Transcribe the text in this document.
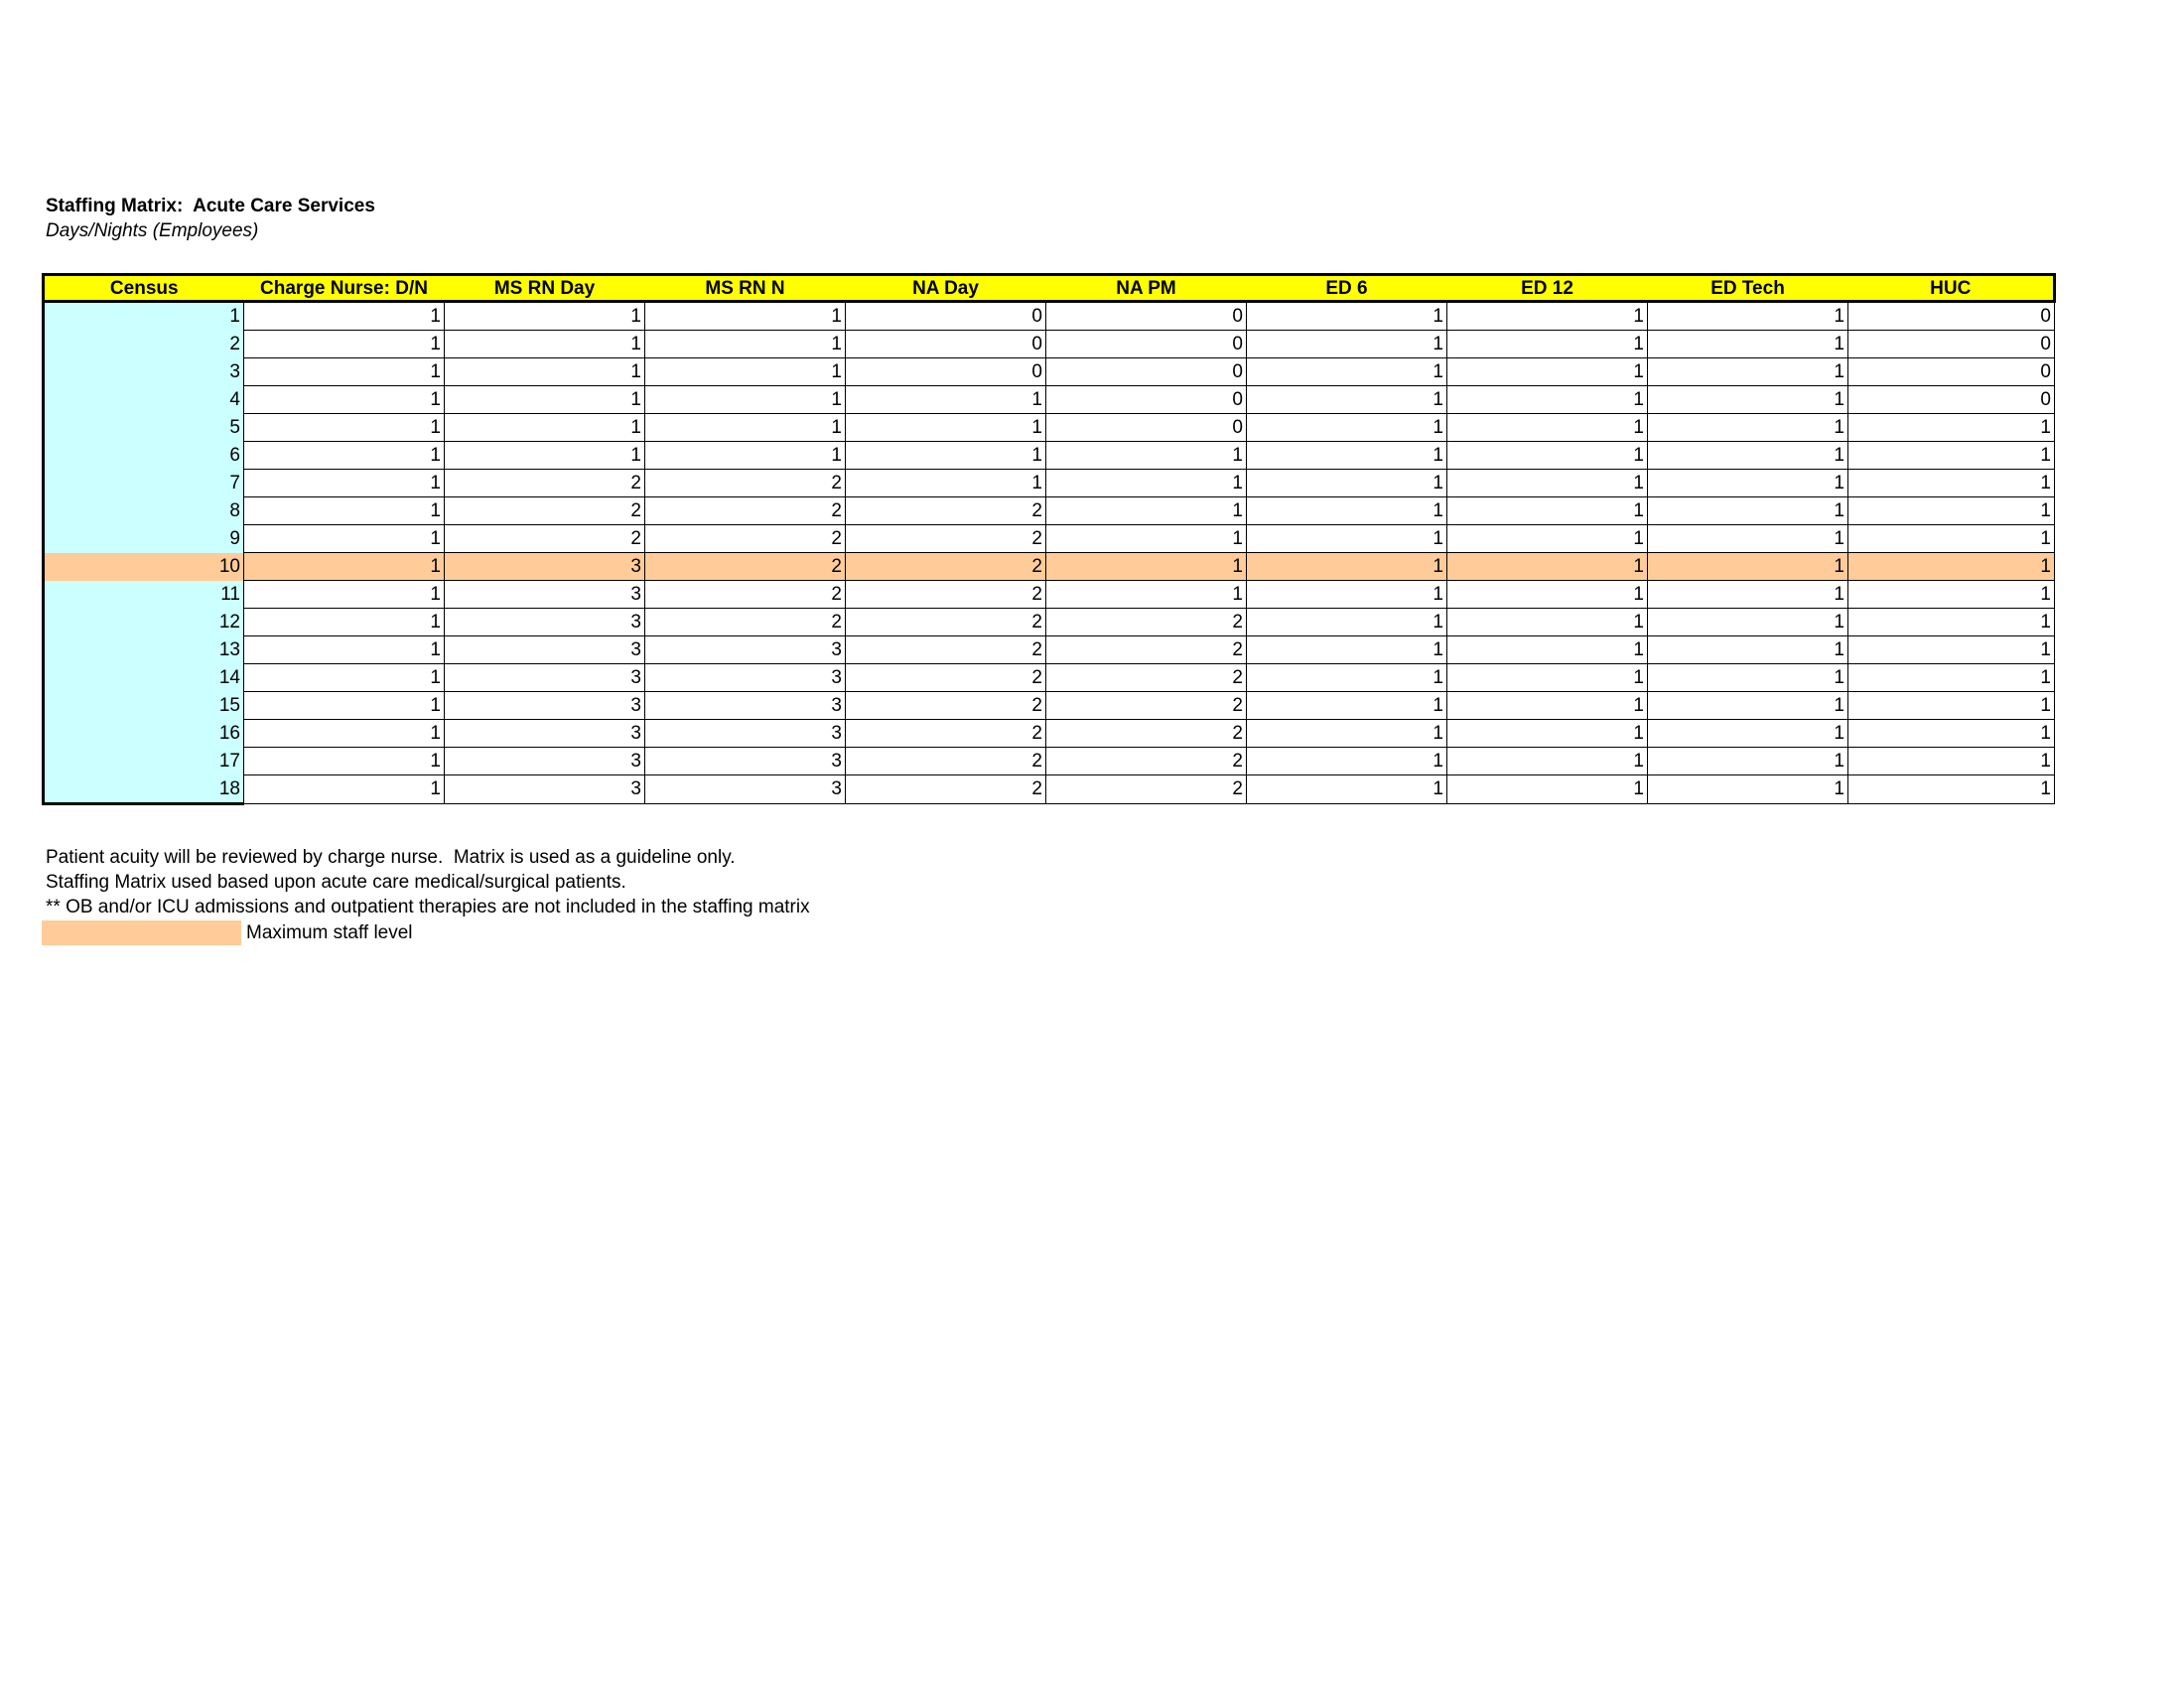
Staffing Matrix:  Acute Care Services
Days/Nights (Employees)
Census	Charge Nurse: D/N	MS RN Day	MS RN N	NA Day	NA PM	ED 6	ED 12	ED Tech	HUC
1	1	1	1	0	0	1	1	1	0
2	1	1	1	0	0	1	1	1	0
3	1	1	1	0	0	1	1	1	0
4	1	1	1	1	0	1	1	1	0
5	1	1	1	1	0	1	1	1	1
6	1	1	1	1	1	1	1	1	1
7	1	2	2	1	1	1	1	1	1
8	1	2	2	2	1	1	1	1	1
9	1	2	2	2	1	1	1	1	1
10	1	3	2	2	1	1	1	1	1
11	1	3	2	2	1	1	1	1	1
12	1	3	2	2	2	1	1	1	1
13	1	3	3	2	2	1	1	1	1
14	1	3	3	2	2	1	1	1	1
15	1	3	3	2	2	1	1	1	1
16	1	3	3	2	2	1	1	1	1
17	1	3	3	2	2	1	1	1	1
18	1	3	3	2	2	1	1	1	1
Patient acuity will be reviewed by charge nurse.  Matrix is used as a guideline only.
Staffing Matrix used based upon acute care medical/surgical patients.
** OB and/or ICU admissions and outpatient therapies are not included in the staffing matrix
Maximum staff level
